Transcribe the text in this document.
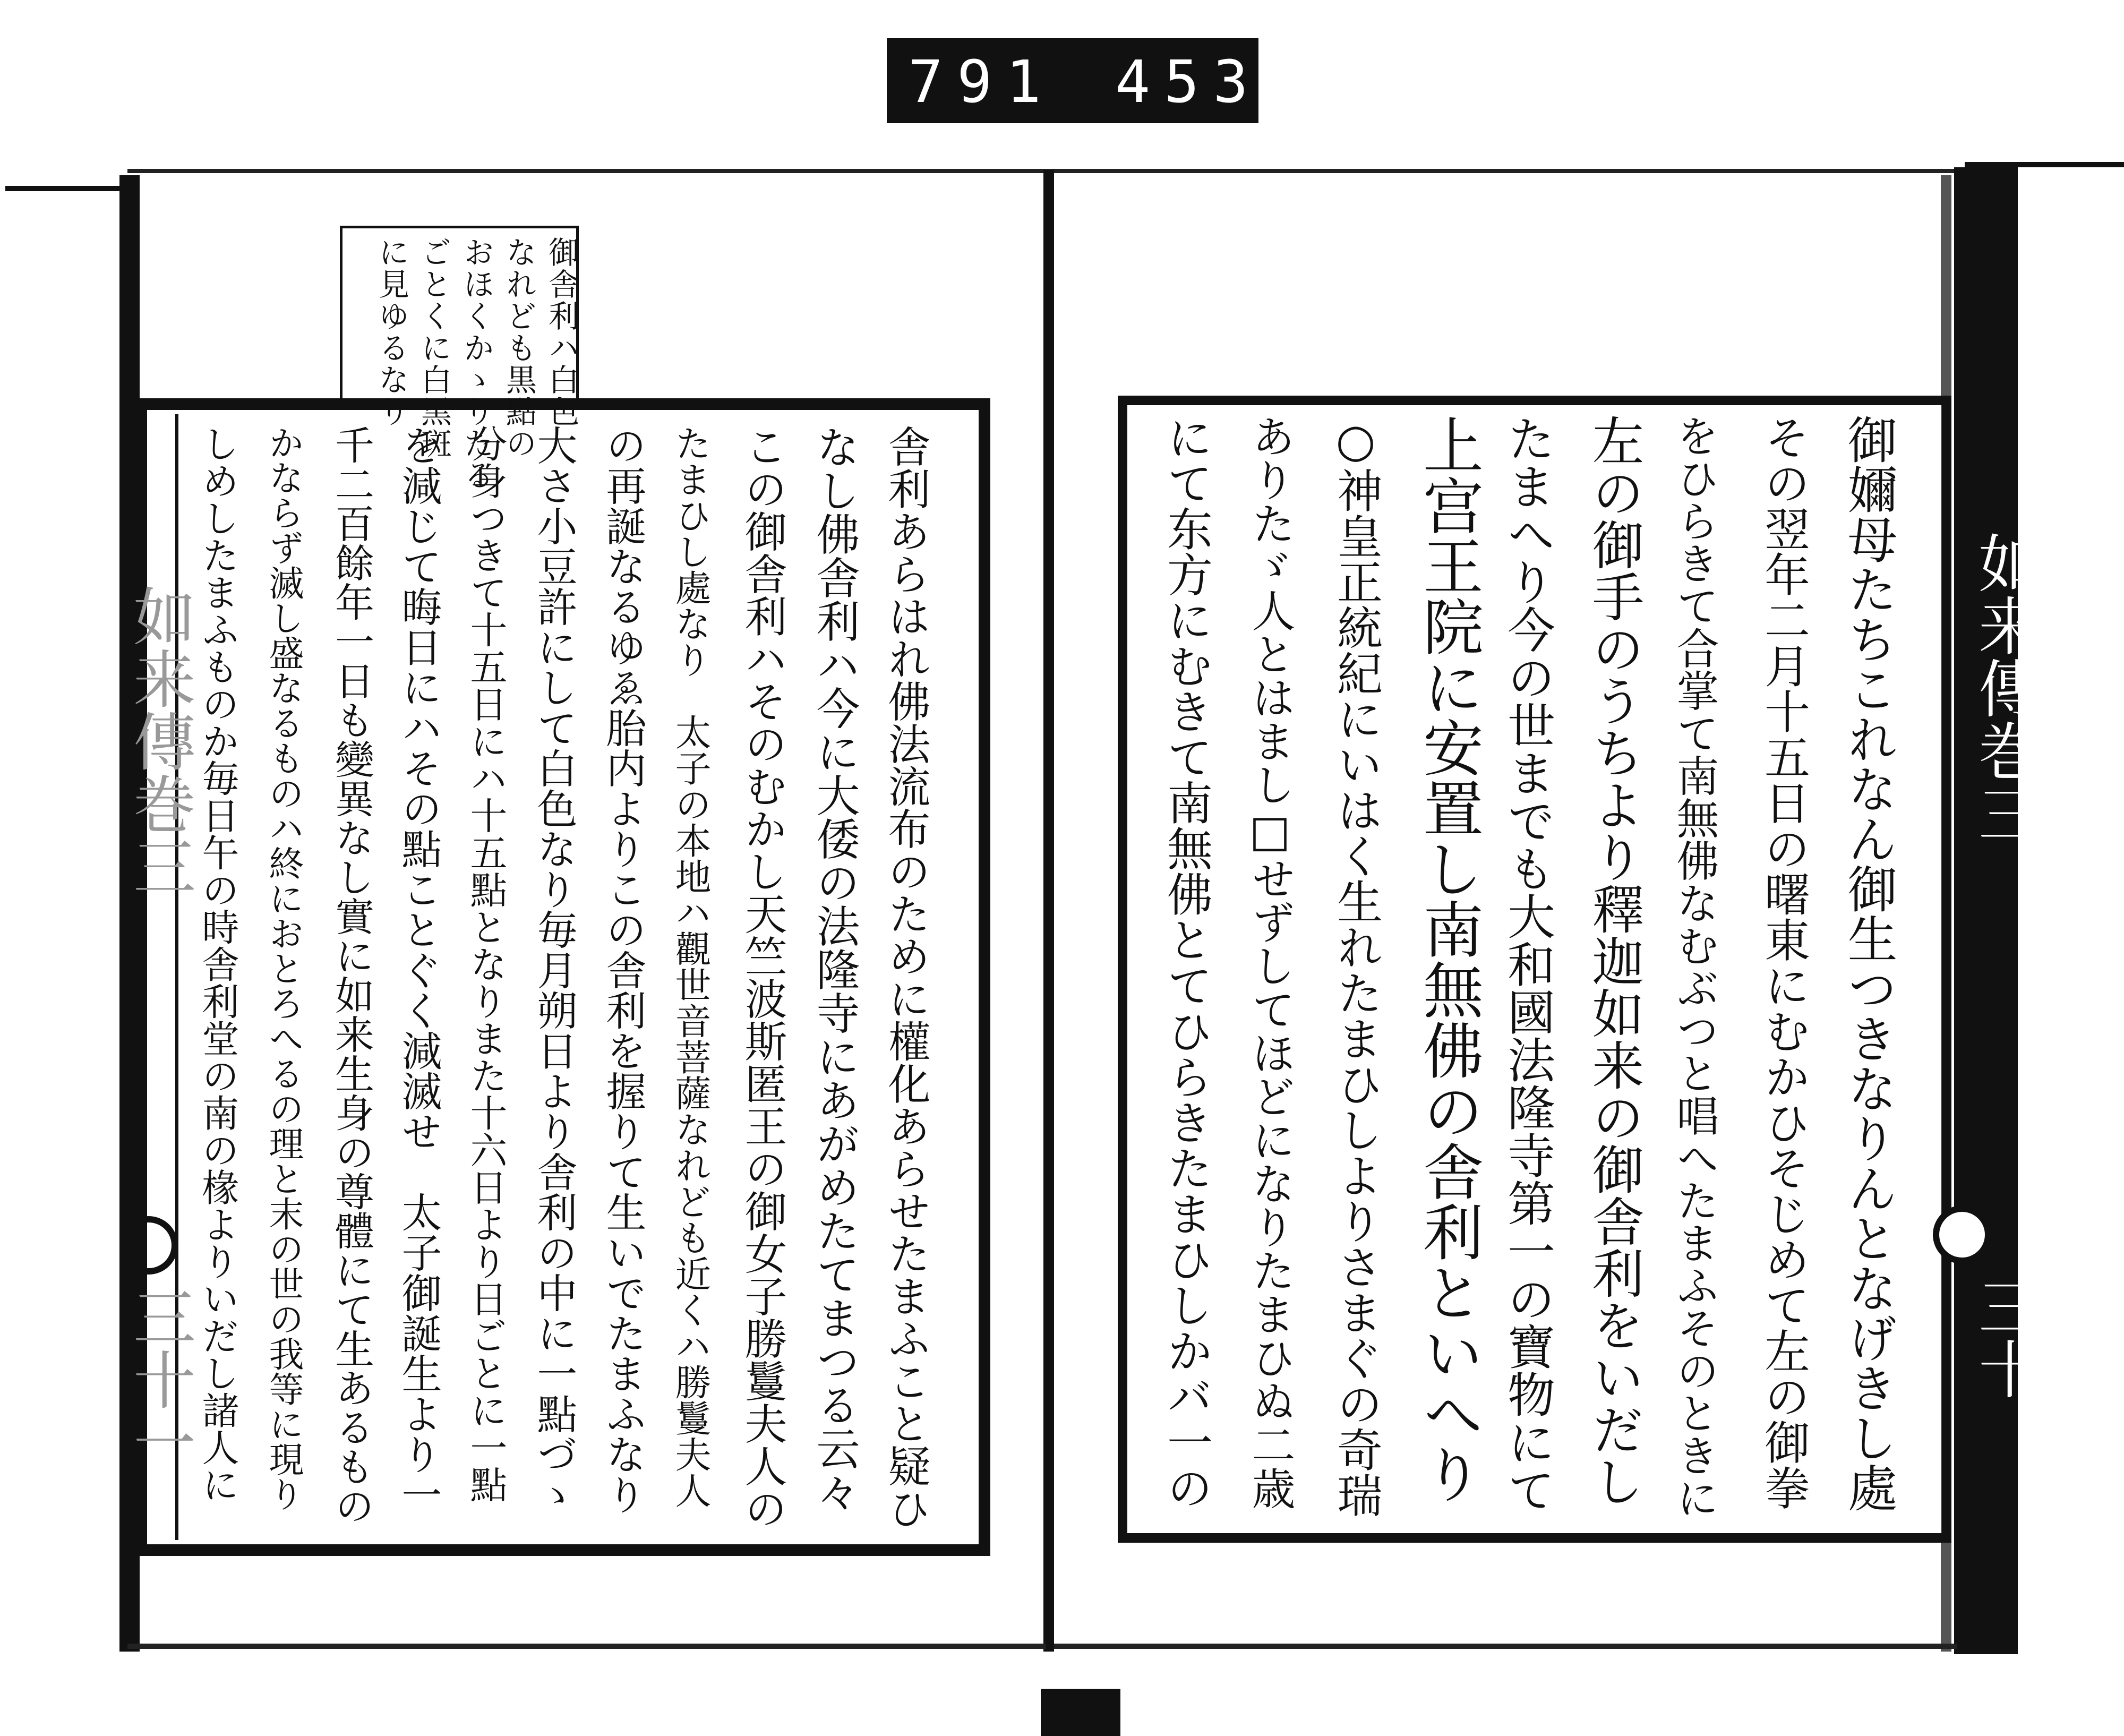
791 453
如来傳巻三
三十一
如来傳巻三
三十
御舎利ハ白色
なれども黒點の
おほくかゝりたる
ごとくに白黒斑
に見ゆるなり
御嬭母たちこれなん御生つきなりんとなげきし處
その翌年二月十五日の曙東にむかひそじめて左の御拳
をひらきて合掌て南無佛なむぶつと唱へたまふそのときに
左の御手のうちより釋迦如来の御舎利をいだし
たまへり今の世までも大和國法隆寺第一の寶物にて
上宫王院に安置し南無佛の舎利といへり
○神皇正統紀にいはく生れたまひしよりさまぐの奇瑞
ありたゞ人とはまし□せずしてほどになりたまひぬ二歳
にて东方にむきて南無佛とてひらきたまひしかバ一の
舎利あらはれ佛法流布のために權化あらせたまふこと疑ひ
なし佛舎利ハ今に大倭の法隆寺にあがめたてまつる云々
この御舎利ハそのむかし天竺波斯匿王の御女子勝鬘夫人の
たまひし處なり　太子の本地ハ觀世音菩薩なれども近くハ勝鬘夫人
の再誕なるゆゑ胎内よりこの舎利を握りて生いでたまふなり
大さ小豆許にして白色なり毎月朔日より舎利の中に一點づゝ
分身つきて十五日にハ十五點となりまた十六日より日ごとに一點
を減じて晦日にハその點ことぐく減滅せ　太子御誕生より一
千二百餘年一日も變異なし實に如来生身の尊體にて生あるもの
かならず滅し盛なるものハ終におとろへるの理と末の世の我等に現り
しめしたまふものか毎日午の時舎利堂の南の椽よりいだし諸人に
